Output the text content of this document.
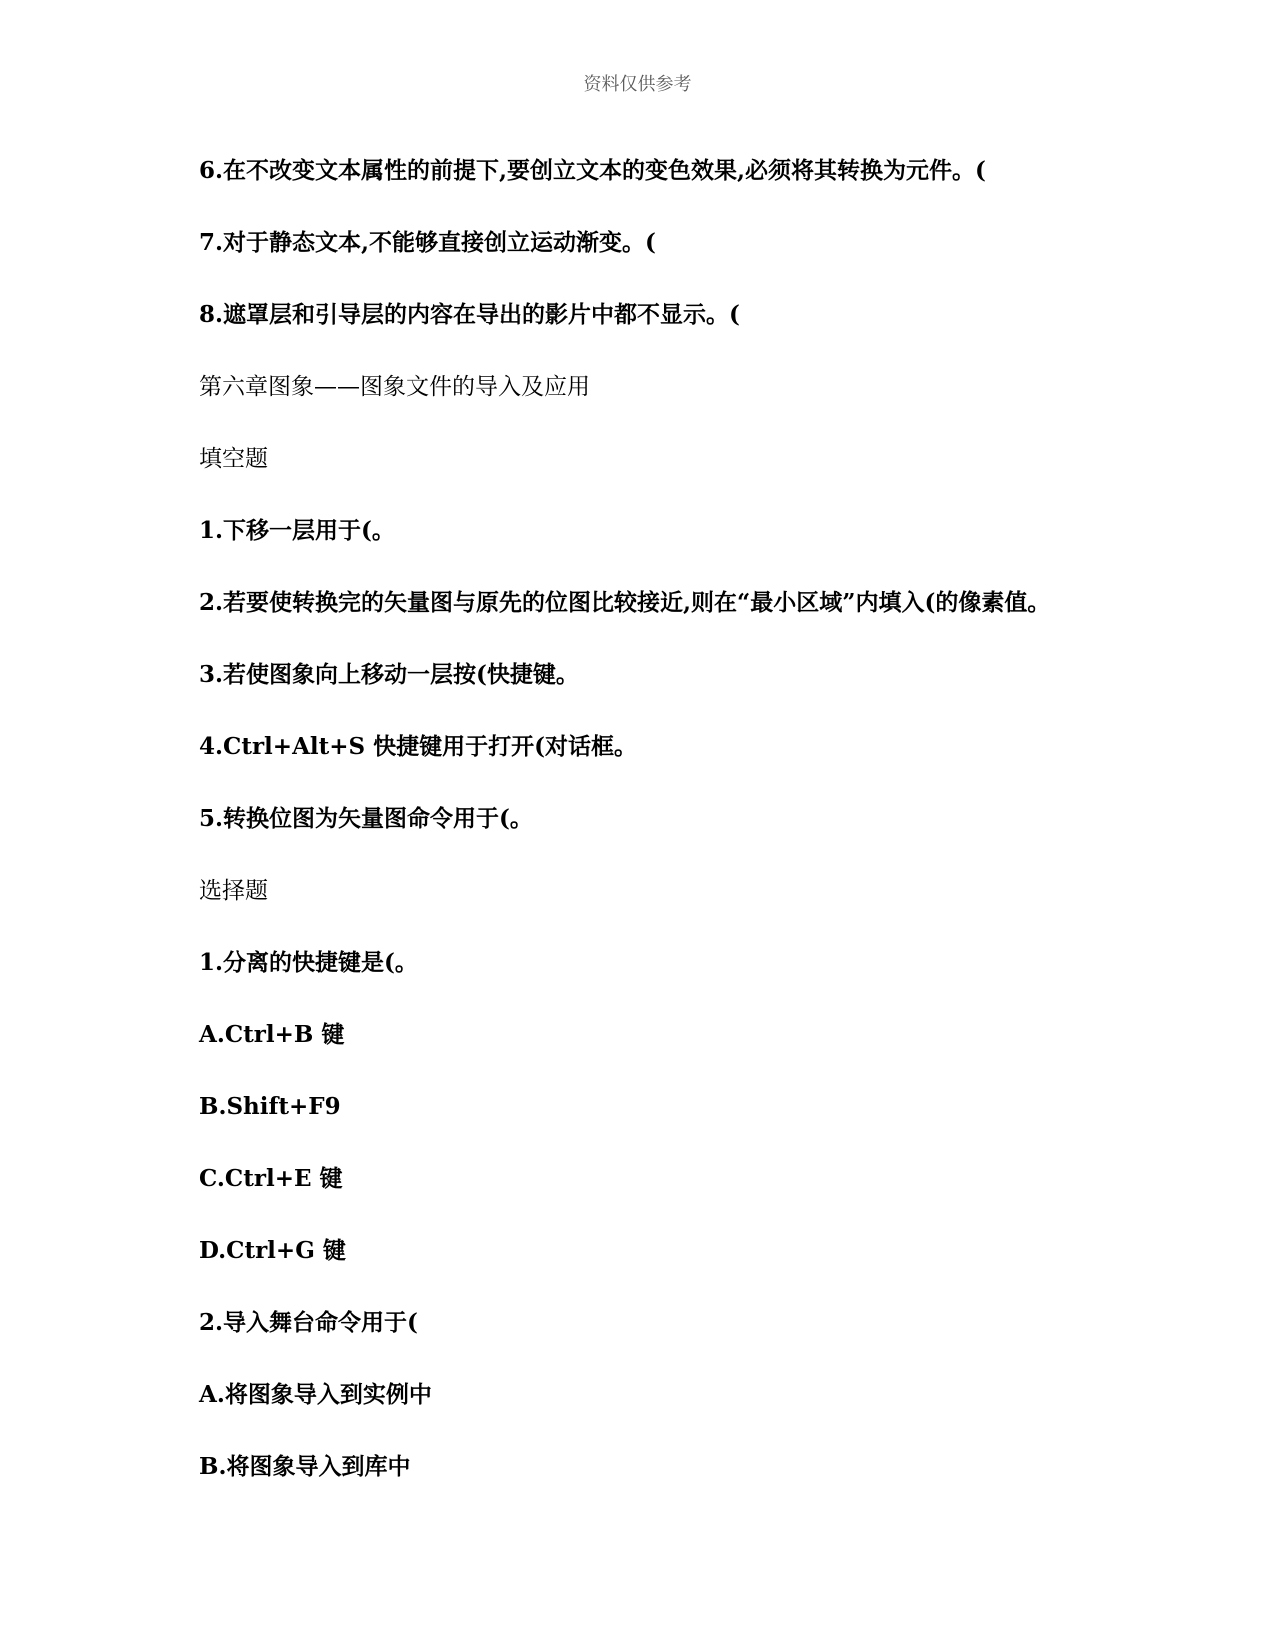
资料仅供参考
6.在不改变文本属性的前提下,要创立文本的变色效果,必须将其转换为元件。(
7.对于静态文本,不能够直接创立运动渐变。(
8.遮罩层和引导层的内容在导出的影片中都不显示。(
第六章图象——图象文件的导入及应用
填空题
1.下移一层用于(。
2.若要使转换完的矢量图与原先的位图比较接近,则在“最小区域”内填入(的像素值。
3.若使图象向上移动一层按(快捷键。
4.Ctrl+Alt+S 快捷键用于打开(对话框。
5.转换位图为矢量图命令用于(。
选择题
1.分离的快捷键是(。
A.Ctrl+B 键
B.Shift+F9
C.Ctrl+E 键
D.Ctrl+G 键
2.导入舞台命令用于(
A.将图象导入到实例中
B.将图象导入到库中
